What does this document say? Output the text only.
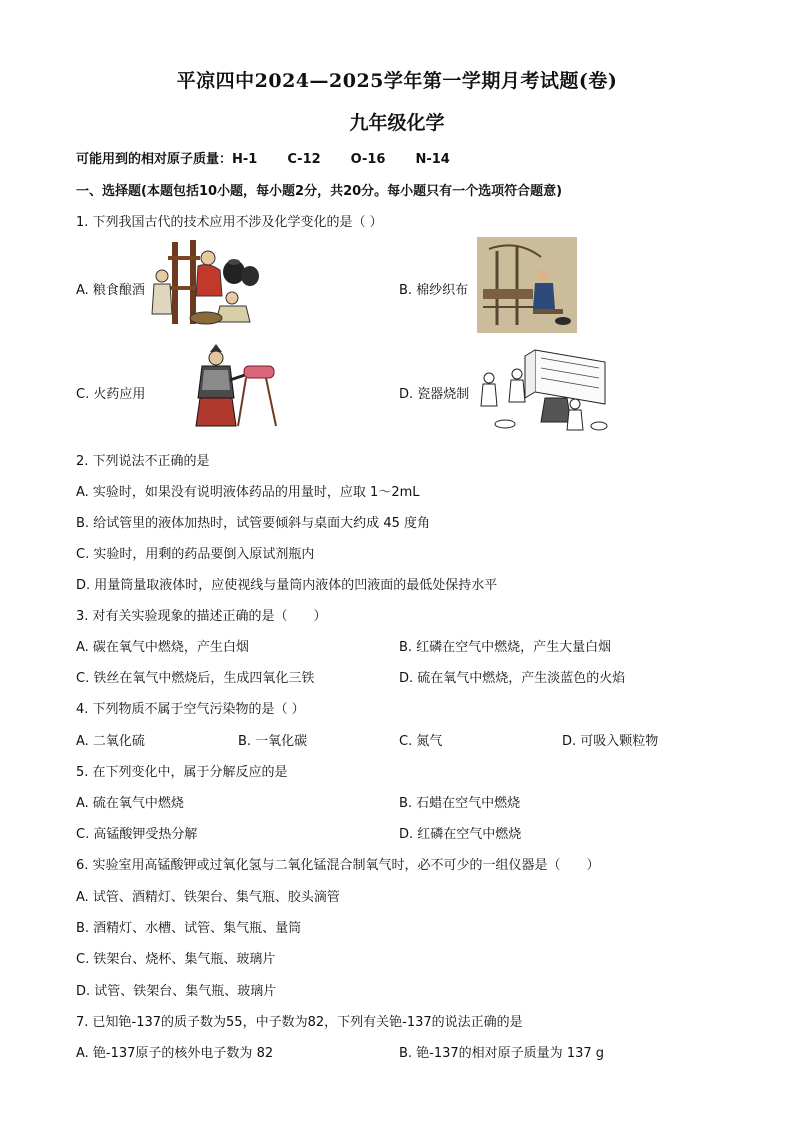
平凉四中2024—2025学年第一学期月考试题(卷)
九年级化学
可能用到的相对原子质量：H-1 C-12 O-16 N-14
一、选择题(本题包括10小题，每小题2分，共20分。每小题只有一个选项符合题意)
1. 下列我国古代的技术应用不涉及化学变化的是（ ）
A. 粮食酿酒	B. 棉纱织布
C. 火药应用	D. 瓷器烧制
2. 下列说法不正确的是
A. 实验时，如果没有说明液体药品的用量时，应取 1～2mL
B. 给试管里的液体加热时，试管要倾斜与桌面大约成 45 度角
C. 实验时，用剩的药品要倒入原试剂瓶内
D. 用量筒量取液体时，应使视线与量筒内液体的凹液面的最低处保持水平
3. 对有关实验现象的描述正确的是（　　）
A. 碳在氧气中燃烧，产生白烟	B. 红磷在空气中燃烧，产生大量白烟
C. 铁丝在氧气中燃烧后，生成四氧化三铁	D. 硫在氧气中燃烧，产生淡蓝色的火焰
4. 下列物质不属于空气污染物的是（ ）
A. 二氧化硫	B. 一氧化碳	C. 氮气	D. 可吸入颗粒物
5. 在下列变化中，属于分解反应的是
A. 硫在氧气中燃烧	B. 石蜡在空气中燃烧
C. 高锰酸钾受热分解	D. 红磷在空气中燃烧
6. 实验室用高锰酸钾或过氧化氢与二氧化锰混合制氧气时，必不可少的一组仪器是（　　）
A. 试管、酒精灯、铁架台、集气瓶、胶头滴管
B. 酒精灯、水槽、试管、集气瓶、量筒
C. 铁架台、烧杯、集气瓶、玻璃片
D. 试管、铁架台、集气瓶、玻璃片
7. 已知铯-137的质子数为55，中子数为82，下列有关铯-137的说法正确的是
A. 铯-137原子的核外电子数为 82	B. 铯-137的相对原子质量为 137 g
